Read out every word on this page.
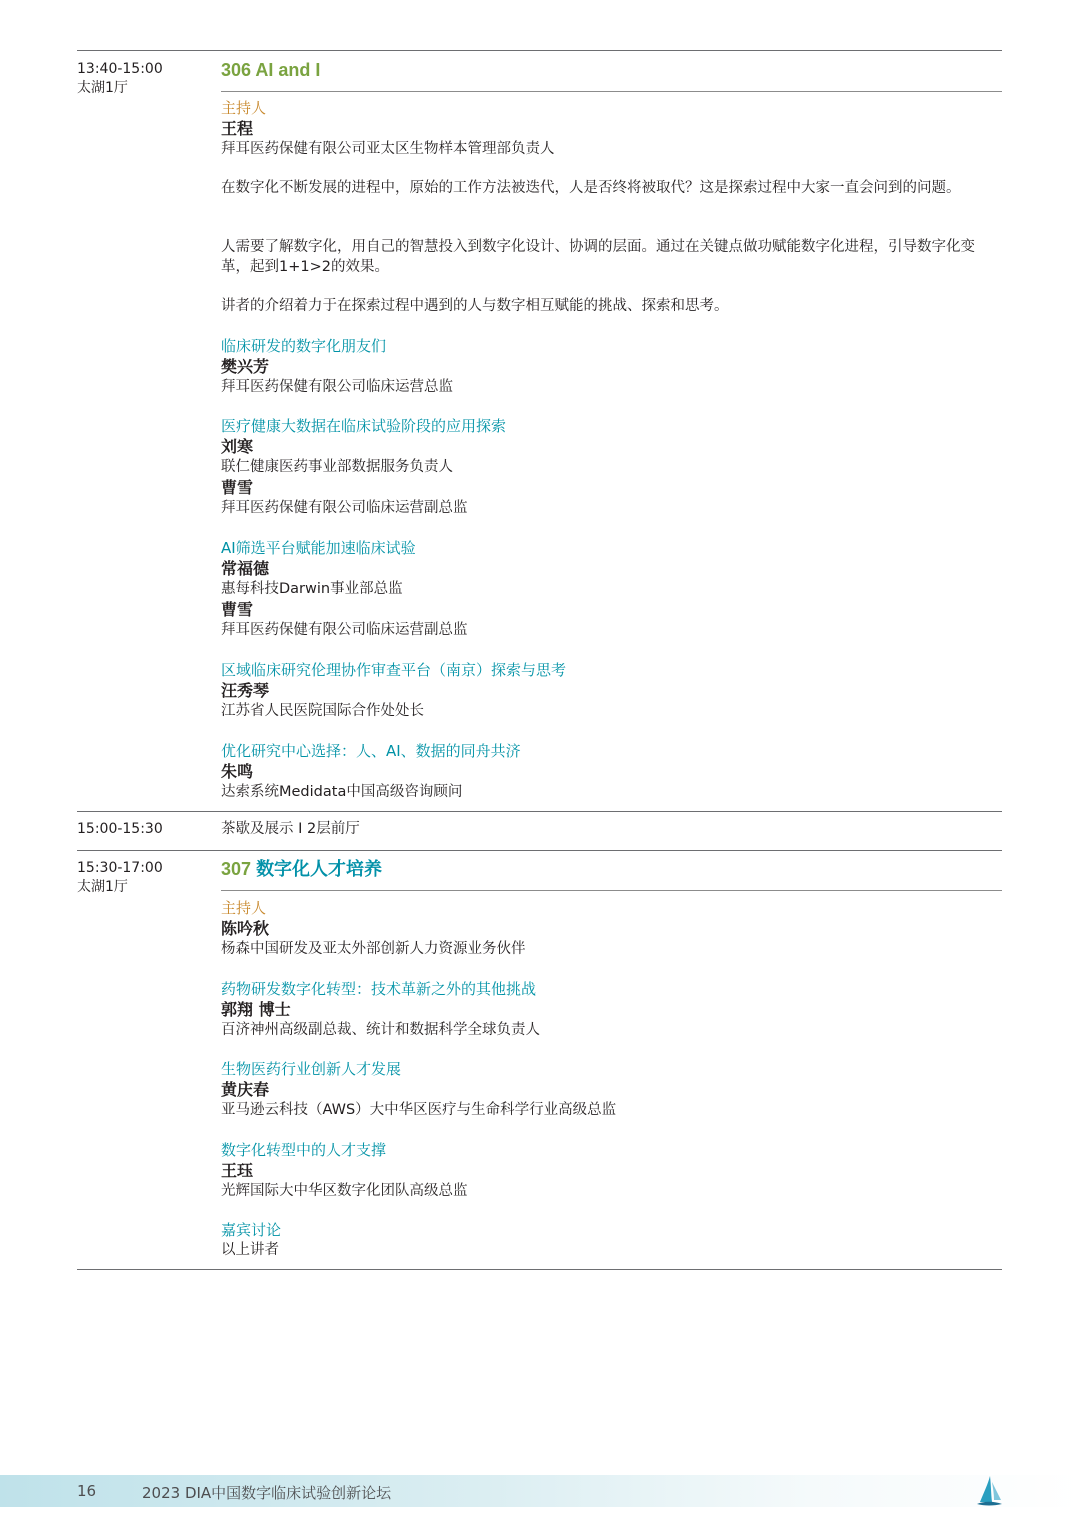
13:40-15:00
太湖1厅
306 AI and I
主持人
王程
拜耳医药保健有限公司亚太区生物样本管理部负责人
在数字化不断发展的进程中，原始的工作方法被迭代，人是否终将被取代？这是探索过程中大家一直会问到的问题。
人需要了解数字化，用自己的智慧投入到数字化设计、协调的层面。通过在关键点做功赋能数字化进程，引导数字化变革，起到1+1>2的效果。
讲者的介绍着力于在探索过程中遇到的人与数字相互赋能的挑战、探索和思考。
临床研发的数字化朋友们
樊兴芳
拜耳医药保健有限公司临床运营总监
医疗健康大数据在临床试验阶段的应用探索
刘寒
联仁健康医药事业部数据服务负责人
曹雪
拜耳医药保健有限公司临床运营副总监
AI筛选平台赋能加速临床试验
常福德
惠每科技Darwin事业部总监
曹雪
拜耳医药保健有限公司临床运营副总监
区域临床研究伦理协作审查平台（南京）探索与思考
汪秀琴
江苏省人民医院国际合作处处长
优化研究中心选择：人、AI、数据的同舟共济
朱鸣
达索系统Medidata中国高级咨询顾问
15:00-15:30	茶歇及展示 I 2层前厅
15:30-17:00
太湖1厅
307 数字化人才培养
主持人
陈吟秋
杨森中国研发及亚太外部创新人力资源业务伙伴
药物研发数字化转型：技术革新之外的其他挑战
郭翔 博士
百济神州高级副总裁、统计和数据科学全球负责人
生物医药行业创新人才发展
黄庆春
亚马逊云科技（AWS）大中华区医疗与生命科学行业高级总监
数字化转型中的人才支撑
王珏
光辉国际大中华区数字化团队高级总监
嘉宾讨论
以上讲者
16	2023 DIA中国数字临床试验创新论坛
